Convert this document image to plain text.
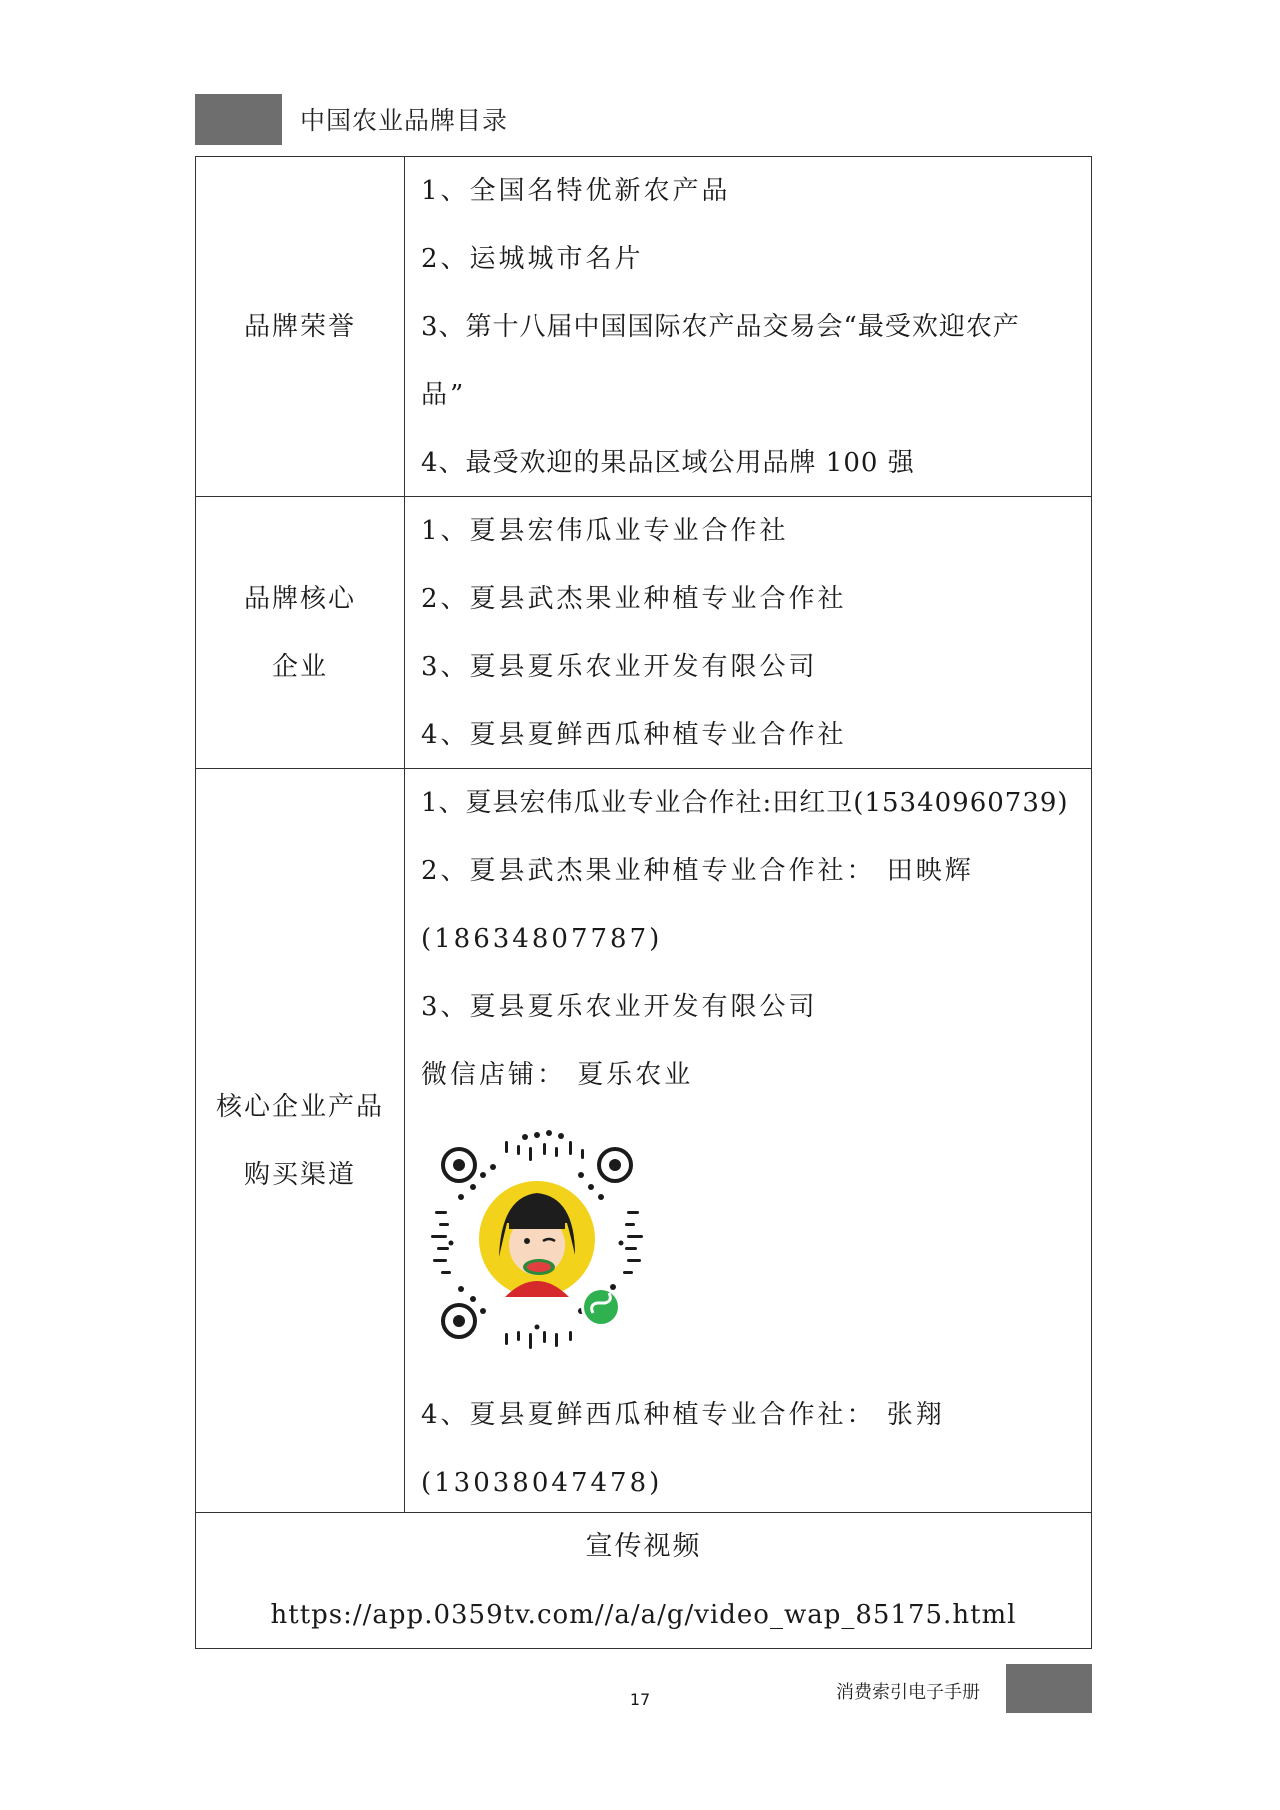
中国农业品牌目录
品牌荣誉
1、全国名特优新农产品
2、运城城市名片
3、第十八届中国国际农产品交易会“最受欢迎农产
品”
4、最受欢迎的果品区域公用品牌 100 强
品牌核心
企业
1、夏县宏伟瓜业专业合作社
2、夏县武杰果业种植专业合作社
3、夏县夏乐农业开发有限公司
4、夏县夏鲜西瓜种植专业合作社
核心企业产品
购买渠道
1、夏县宏伟瓜业专业合作社:田红卫(15340960739)
2、夏县武杰果业种植专业合作社： 田映辉
(18634807787)
3、夏县夏乐农业开发有限公司
微信店铺： 夏乐农业
4、夏县夏鲜西瓜种植专业合作社： 张翔
(13038047478)
宣传视频
https://app.0359tv.com//a/a/g/video_wap_85175.html
17	消费索引电子手册
